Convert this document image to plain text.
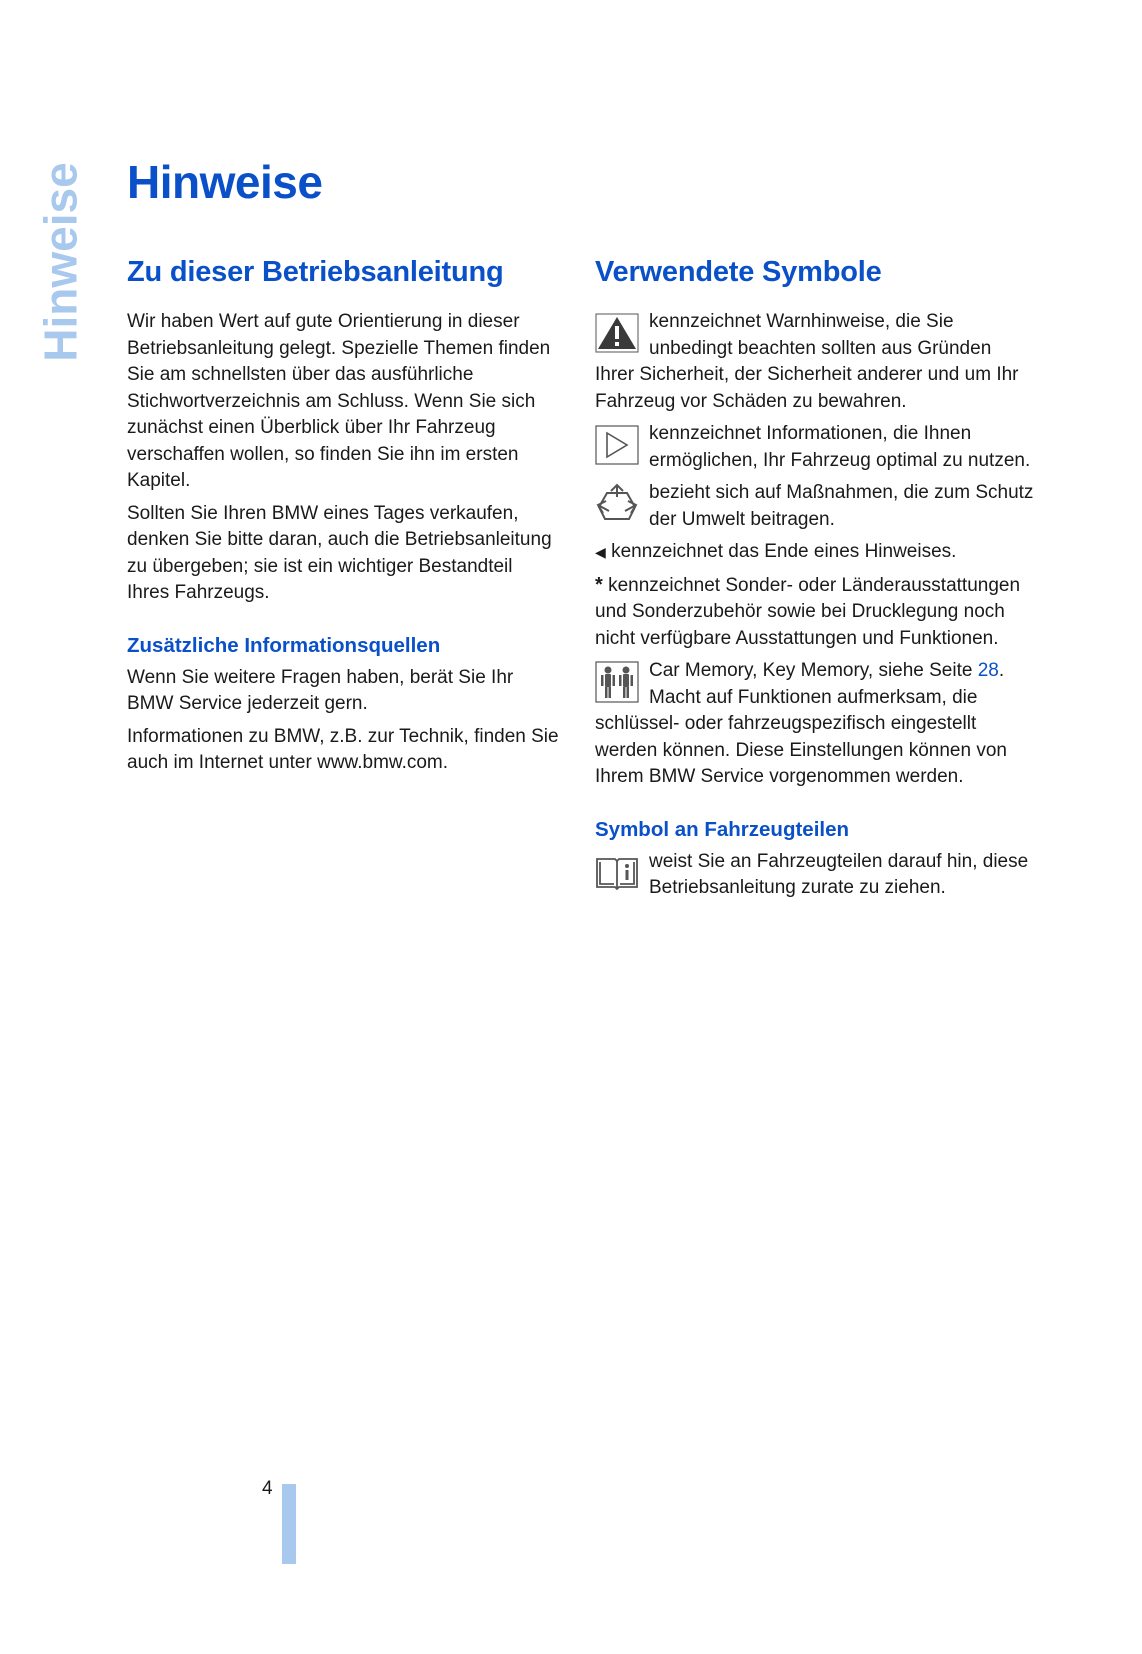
Hinweise Hinweise
Zu dieser Betriebsanleitung

Wir haben Wert auf gute Orientierung in dieser Betriebsanleitung gelegt. Spezielle Themen finden Sie am schnellsten über das ausführliche Stichwortverzeichnis am Schluss. Wenn Sie sich zunächst einen Überblick über Ihr Fahrzeug verschaffen wollen, so finden Sie ihn im ersten Kapitel.

Sollten Sie Ihren BMW eines Tages verkaufen, denken Sie bitte daran, auch die Betriebsanleitung zu übergeben; sie ist ein wichtiger Bestandteil Ihres Fahrzeugs.

Zusätzliche Informationsquellen

Wenn Sie weitere Fragen haben, berät Sie Ihr BMW Service jederzeit gern.

Informationen zu BMW, z.B. zur Technik, finden Sie auch im Internet unter www.bmw.com.

Verwendete Symbole

kennzeichnet Warnhinweise, die Sie unbedingt beachten sollten aus Gründen Ihrer Sicherheit, der Sicherheit anderer und um Ihr Fahrzeug vor Schäden zu bewahren.

kennzeichnet Informationen, die Ihnen ermöglichen, Ihr Fahrzeug optimal zu nutzen.

bezieht sich auf Maßnahmen, die zum Schutz der Umwelt beitragen.

◀ kennzeichnet das Ende eines Hinweises.

* kennzeichnet Sonder- oder Länderausstattungen und Sonderzubehör sowie bei Drucklegung noch nicht verfügbare Ausstattungen und Funktionen.

Car Memory, Key Memory, siehe Seite 28. Macht auf Funktionen aufmerksam, die schlüssel- oder fahrzeugspezifisch eingestellt werden können. Diese Einstellungen können von Ihrem BMW Service vorgenommen werden.

Symbol an Fahrzeugteilen

weist Sie an Fahrzeugteilen darauf hin, diese Betriebsanleitung zurate zu ziehen.

4
